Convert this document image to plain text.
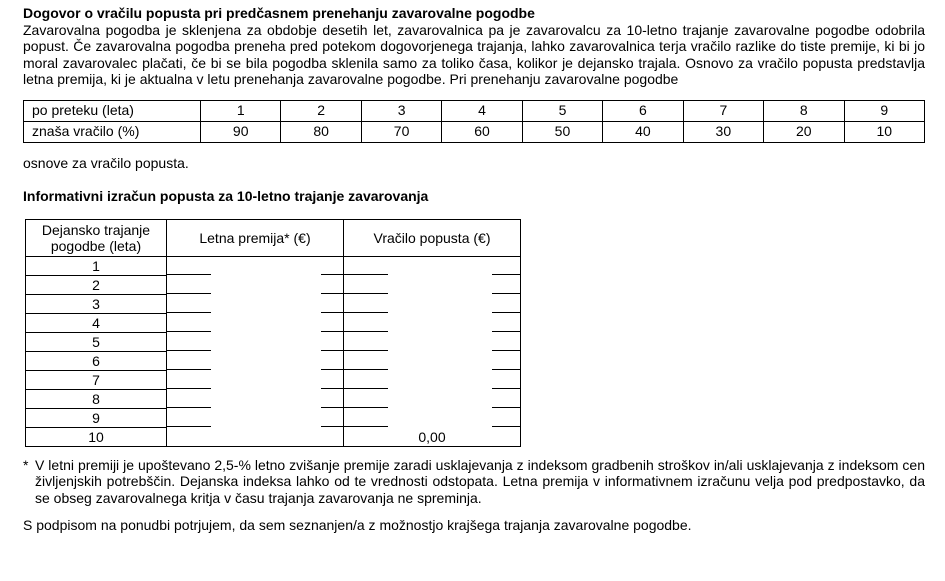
Dogovor o vračilu popusta pri predčasnem prenehanju zavarovalne pogodbe

Zavarovalna pogodba je sklenjena za obdobje desetih let, zavarovalnica pa je zavarovalcu za 10-letno trajanje zavarovalne pogodbe odobrila popust. Če zavarovalna pogodba preneha pred potekom dogovorjenega trajanja, lahko zavarovalnica terja vračilo razlike do tiste premije, ki bi jo moral zavarovalec plačati, če bi se bila pogodba sklenila samo za toliko časa, kolikor je dejansko trajala. Osnovo za vračilo popusta predstavlja letna premija, ki je aktualna v letu prenehanja zavarovalne pogodbe. Pri prenehanju zavarovalne pogodbe

po preteku (leta)	1	2	3	4	5	6	7	8	9
znaša vračilo (%)	90	80	70	60	50	40	30	20	10

osnove za vračilo popusta.

Informativni izračun popusta za 10-letno trajanje zavarovanja
Dejansko trajanje pogodbe (leta)	Letna premija* (€)	Vračilo popusta (€)
1	

2	

3	

4	

5	

6	

7	

8	

9	

10		0,00
* V letni premiji je upoštevano 2,5-% letno zvišanje premije zaradi usklajevanja z indeksom gradbenih stroškov in/ali usklajevanja z indeksom cen življenjskih potrebščin. Dejanska indeksa lahko od te vrednosti odstopata. Letna premija v informativnem izračunu velja pod predpostavko, da se obseg zavarovalnega kritja v času trajanja zavarovanja ne spreminja.

S podpisom na ponudbi potrjujem, da sem seznanjen/a z možnostjo krajšega trajanja zavarovalne pogodbe.
